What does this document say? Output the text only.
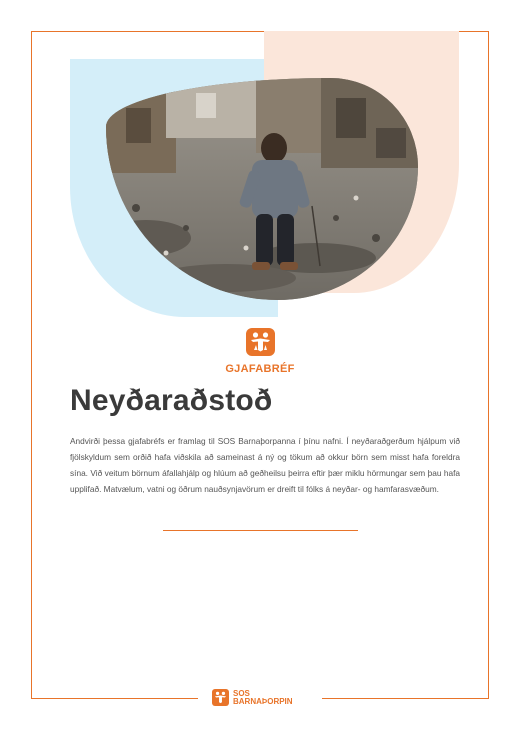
GJAFABRÉF
Neyðaraðstoð

Andvirði þessa gjafabréfs er framlag til SOS Barnaþorpanna í þínu nafni. Í neyðaraðgerðum hjálpum við fjölskyldum sem orðið hafa viðskila að sameinast á ný og tökum að okkur börn sem misst hafa foreldra sína. Við veitum börnum áfallahjálp og hlúum að geðheilsu þeirra eftir þær miklu hörmungar sem þau hafa upplifað. Matvælum, vatni og öðrum nauðsynjavörum er dreift til fólks á neyðar- og hamfarasvæðum.

SOS
BARNAÞORPIN
